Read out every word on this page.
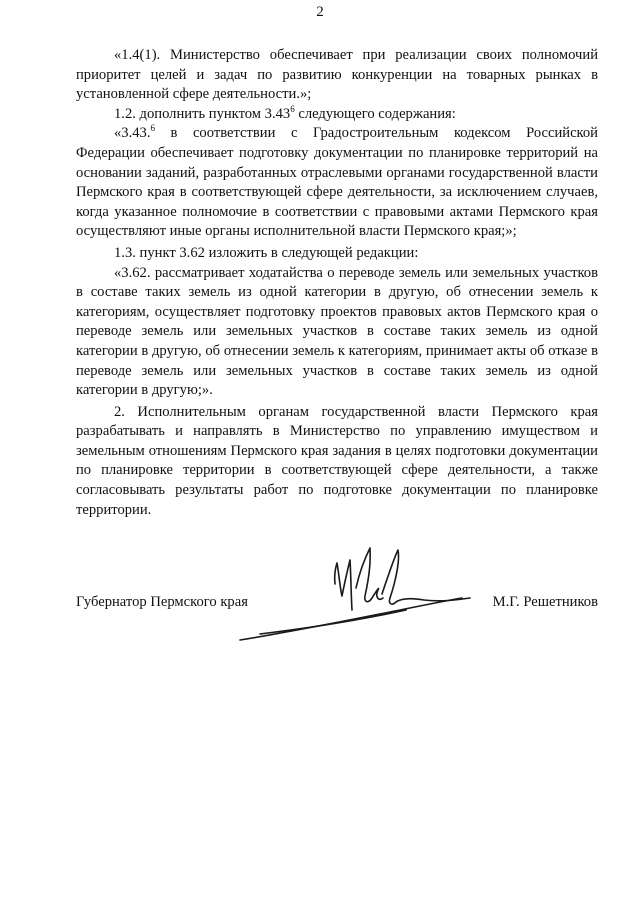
2

«1.4(1). Министерство обеспечивает при реализации своих полномочий приоритет целей и задач по развитию конкуренции на товарных рынках в установленной сфере деятельности.»;

1.2. дополнить пунктом 3.43$^6$ следующего содержания:

«3.43.$^6$ в соответствии с Градостроительным кодексом Российской Федерации обеспечивает подготовку документации по планировке территорий на основании заданий, разработанных отраслевыми органами государственной власти Пермского края в соответствующей сфере деятельности, за исключением случаев, когда указанное полномочие в соответствии с правовыми актами Пермского края осуществляют иные органы исполнительной власти Пермского края;»;

1.3. пункт 3.62 изложить в следующей редакции:

«3.62. рассматривает ходатайства о переводе земель или земельных участков в составе таких земель из одной категории в другую, об отнесении земель к категориям, осуществляет подготовку проектов правовых актов Пермского края о переводе земель или земельных участков в составе таких земель из одной категории в другую, об отнесении земель к категориям, принимает акты об отказе в переводе земель или земельных участков в составе таких земель из одной категории в другую;».

2. Исполнительным органам государственной власти Пермского края разрабатывать и направлять в Министерство по управлению имуществом и земельным отношениям Пермского края задания в целях подготовки документации по планировке территории в соответствующей сфере деятельности, а также согласовывать результаты работ по подготовке документации по планировке территории.

Губернатор Пермского края	М.Г. Решетников
